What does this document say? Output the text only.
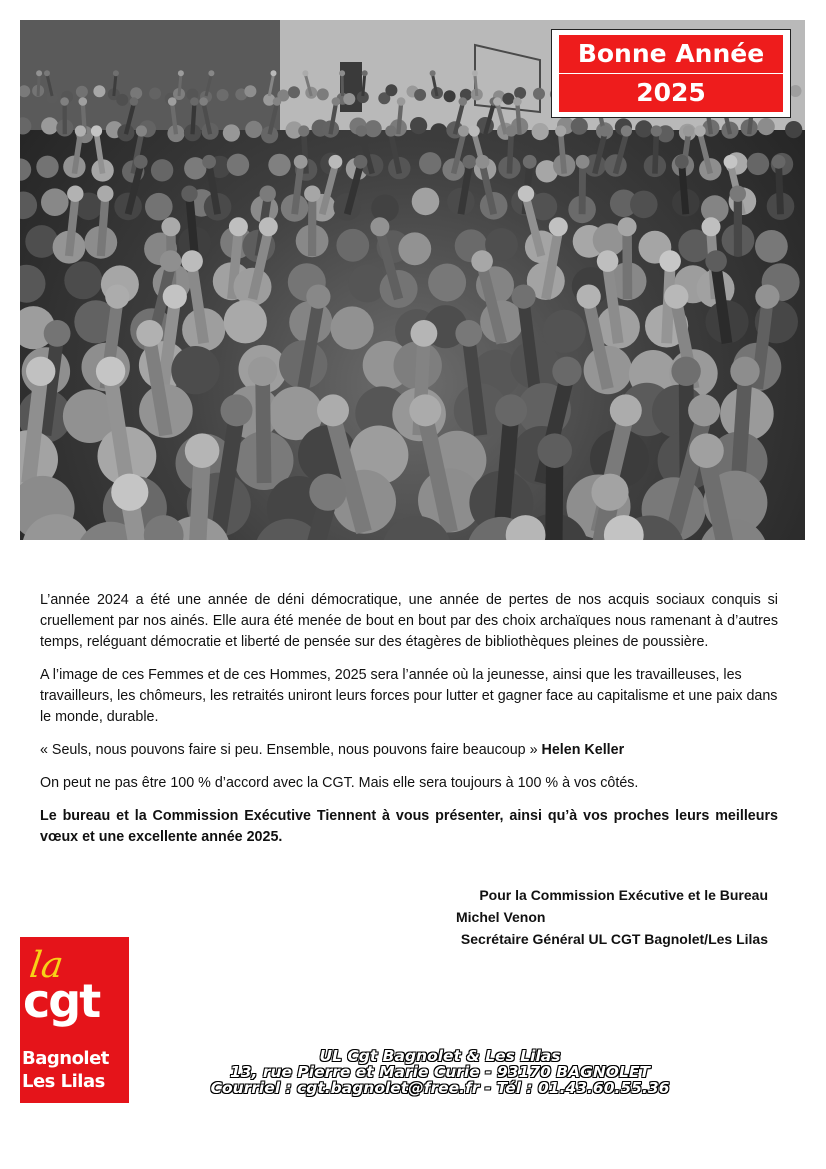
Bonne Année
2025

L’année 2024 a été une année de déni démocratique, une année de pertes de nos acquis sociaux conquis si cruellement par nos ainés. Elle aura été menée de bout en bout par des choix archaïques nous ramenant à d’autres temps, reléguant démocratie et liberté de pensée sur des étagères de bibliothèques pleines de poussière.

A l’image de ces Femmes et de ces Hommes, 2025 sera l’année où la jeunesse, ainsi que les travailleuses, les travailleurs, les chômeurs, les retraités uniront leurs forces pour lutter et gagner face au capitalisme et une paix dans le monde, durable.

« Seuls, nous pouvons faire si peu. Ensemble, nous pouvons faire beaucoup » Helen Keller

On peut ne pas être 100 % d’accord avec la CGT. Mais elle sera toujours à 100 % à vos côtés.

Le bureau et la Commission Exécutive Tiennent à vous présenter, ainsi qu’à vos proches leurs meilleurs vœux et une excellente année 2025.

Pour la Commission Exécutive et le Bureau
Michel Venon
Secrétaire Général UL CGT Bagnolet/Les Lilas
la
cgt
Bagnolet
Les Lilas
UL Cgt Bagnolet & Les Lilas
13, rue Pierre et Marie Curie - 93170 BAGNOLET
Courriel : cgt.bagnolet@free.fr - Tél : 01.43.60.55.36
